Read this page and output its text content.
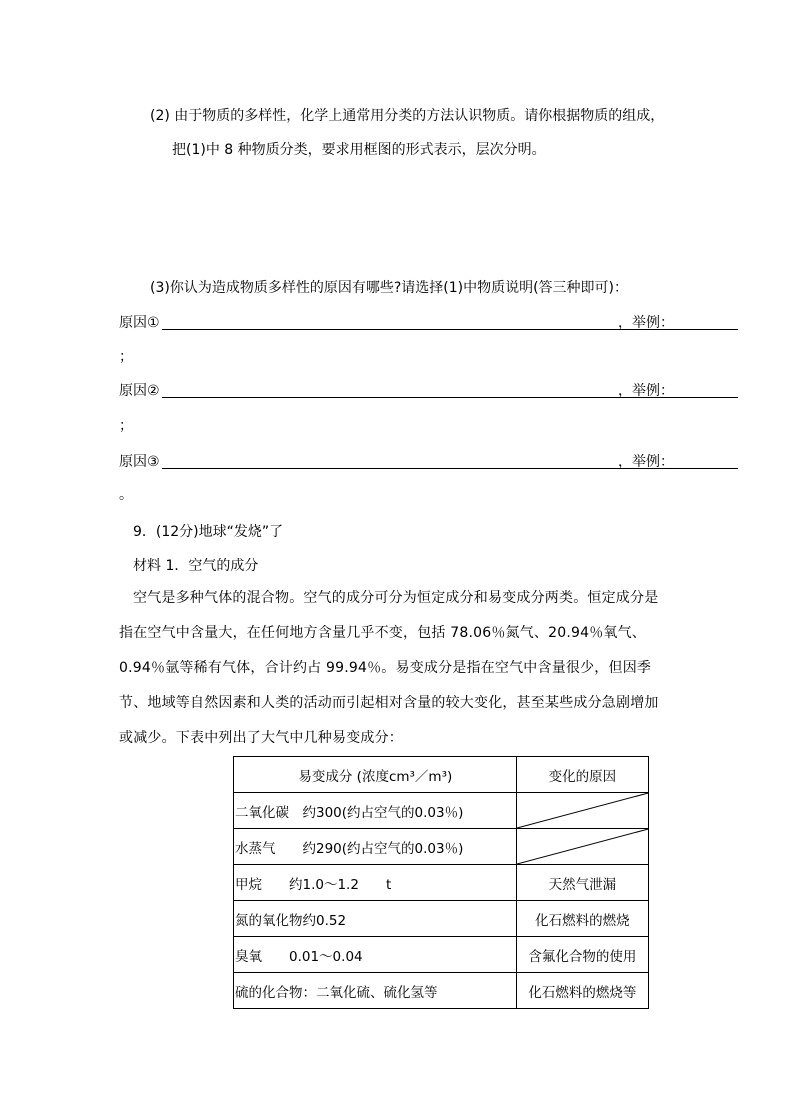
(2) 由于物质的多样性，化学上通常用分类的方法认识物质。请你根据物质的组成，
把(1)中 8 种物质分类，要求用框图的形式表示，层次分明。
(3)你认为造成物质多样性的原因有哪些?请选择(1)中物质说明(答三种即可)：
原因①	，举例：
；
原因②	，举例：
；
原因③	，举例：
。
9．(12分)地球“发烧”了
材料 1．空气的成分
空气是多种气体的混合物。空气的成分可分为恒定成分和易变成分两类。恒定成分是指在空气中含量大，在任何地方含量几乎不变，包括 78.06％氮气、20.94％氧气、0.94％氩等稀有气体，合计约占 99.94％。易变成分是指在空气中含量很少，但因季节、地域等自然因素和人类的活动而引起相对含量的较大变化，甚至某些成分急剧增加或减少。下表中列出了大气中几种易变成分：
易变成分 (浓度cm³／m³)	变化的原因
二氧化碳　约300(约占空气的0.03％)	

水蒸气　　约290(约占空气的0.03％)	

甲烷　　约1.0～1.2　　t	天然气泄漏
氮的氧化物约0.52	化石燃料的燃烧
臭氧　　0.01～0.04	含氟化合物的使用
硫的化合物：二氧化硫、硫化氢等	化石燃料的燃烧等
